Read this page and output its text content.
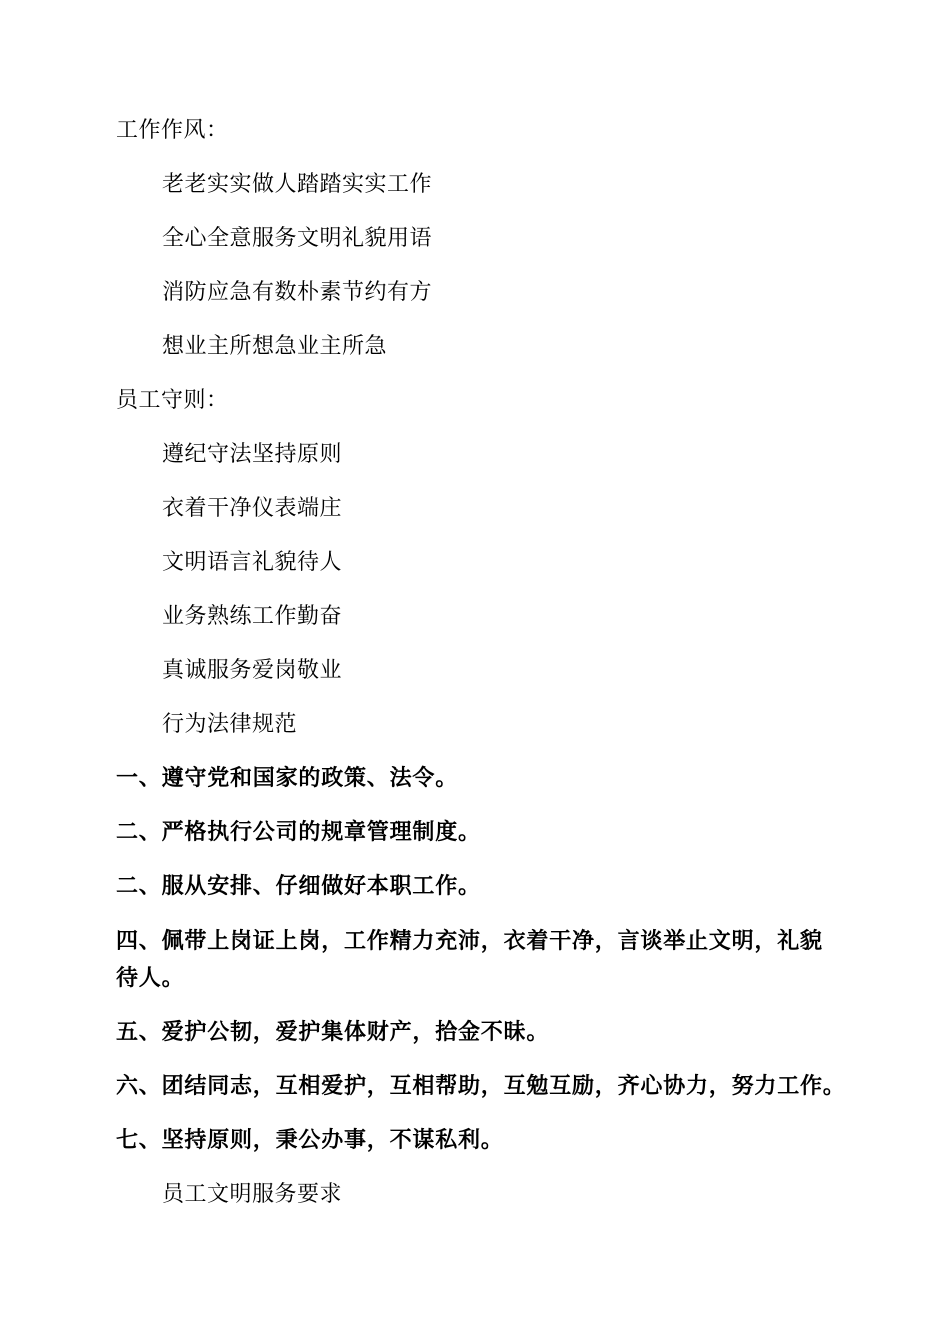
工作作风：
老老实实做人踏踏实实工作
全心全意服务文明礼貌用语
消防应急有数朴素节约有方
想业主所想急业主所急
员工守则：
遵纪守法坚持原则
衣着干净仪表端庄
文明语言礼貌待人
业务熟练工作勤奋
真诚服务爱岗敬业
行为法律规范
一、遵守党和国家的政策、法令。
二、严格执行公司的规章管理制度。
二、服从安排、仔细做好本职工作。
四、佩带上岗证上岗，工作精力充沛，衣着干净，言谈举止文明，礼貌待人。
五、爱护公韧，爱护集体财产，拾金不昧。
六、团结同志，互相爱护，互相帮助，互勉互励，齐心协力，努力工作。
七、坚持原则，秉公办事，不谋私利。
员工文明服务要求
